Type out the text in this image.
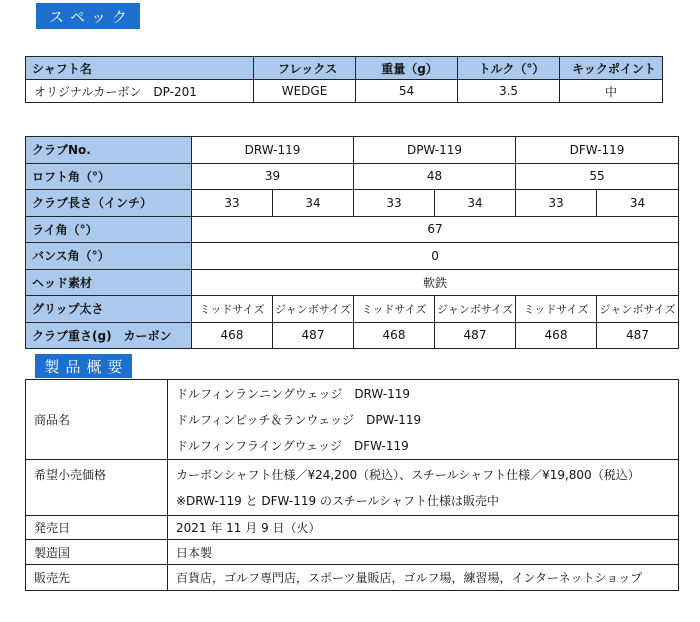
スペック
シャフト名	フレックス	重量（g）	トルク（°）	キックポイント
オリジナルカーボン　DP-201	WEDGE	54	3.5	中
クラブNo.	DRW-119		DPW-119		DFW-119	
ロフト角（°）	39		48		55	
クラブ長さ（インチ）	33	34	33	34	33	34
ライ角（°）	67					
バンス角（°）	0					
ヘッド素材	軟鉄					
グリップ太さ	ミッドサイズ	ジャンボサイズ	ミッドサイズ	ジャンボサイズ	ミッドサイズ	ジャンボサイズ
クラブ重さ(g)　カーボン	468	487	468	487	468	487
製品概要
商品名	ドルフィンランニングウェッジ　DRW-119
ドルフィンピッチ＆ランウェッジ　DPW-119
ドルフィンフライングウェッジ　DFW-119

希望小売価格	カーボンシャフト仕様／¥24,200（税込）、スチールシャフト仕様／¥19,800（税込）
※DRW-119 と DFW-119 のスチールシャフト仕様は販売中

発売日	2021 年 11 月 9 日（火）
製造国	日本製
販売先	百貨店，ゴルフ専門店，スポーツ量販店，ゴルフ場，練習場，インターネットショップ
